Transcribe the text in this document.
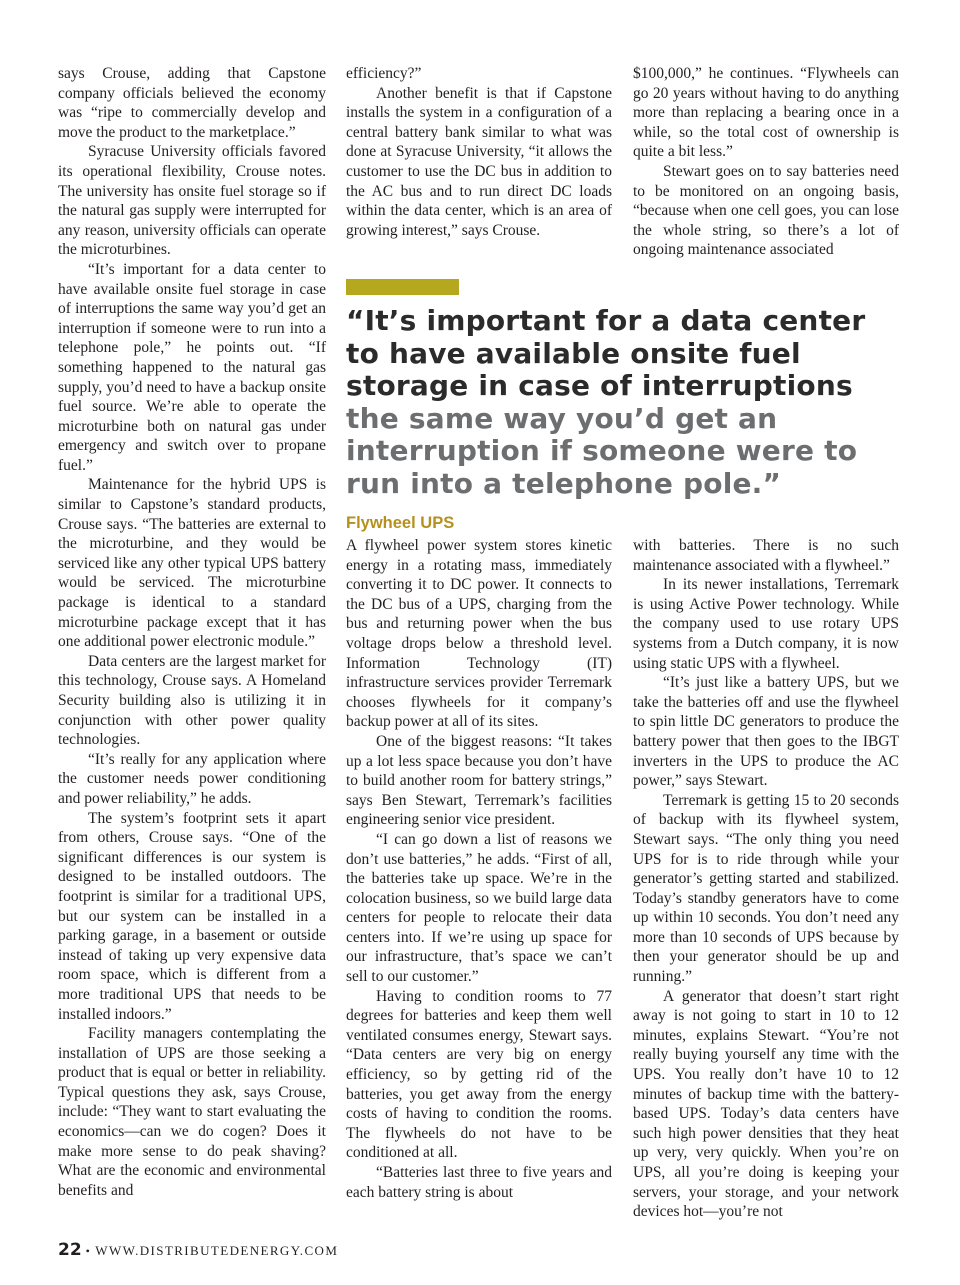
says Crouse, adding that Capstone company officials believed the economy was “ripe to commercially develop and move the product to the marketplace.”

Syracuse University officials favored its operational flexibility, Crouse notes. The university has onsite fuel storage so if the natural gas supply were interrupted for any reason, university officials can operate the microturbines.

“It’s important for a data center to have available onsite fuel storage in case of interruptions the same way you’d get an interruption if someone were to run into a telephone pole,” he points out. “If something happened to the natural gas supply, you’d need to have a backup onsite fuel source. We’re able to operate the microturbine both on natural gas under emergency and switch over to propane fuel.”

Maintenance for the hybrid UPS is similar to Capstone’s standard products, Crouse says. “The batteries are external to the microturbine, and they would be serviced like any other typical UPS battery would be serviced. The microturbine package is identical to a standard microturbine package except that it has one additional power electronic module.”

Data centers are the largest market for this technology, Crouse says. A Homeland Security building also is utilizing it in conjunction with other power quality technologies.

“It’s really for any application where the customer needs power conditioning and power reliability,” he adds.

The system’s footprint sets it apart from others, Crouse says. “One of the significant differences is our system is designed to be installed outdoors. The footprint is similar for a traditional UPS, but our system can be installed in a parking garage, in a basement or outside instead of taking up very expensive data room space, which is different from a more traditional UPS that needs to be installed indoors.”

Facility managers contemplating the installation of UPS are those seeking a product that is equal or better in reliability. Typical questions they ask, says Crouse, include: “They want to start evaluating the economics—can we do cogen? Does it make more sense to do peak shaving? What are the economic and environmental benefits and

efficiency?”

Another benefit is that if Capstone installs the system in a configuration of a central battery bank similar to what was done at Syracuse University, “it allows the customer to use the DC bus in addition to the AC bus and to run direct DC loads within the data center, which is an area of growing interest,” says Crouse.

$100,000,” he continues. “Flywheels can go 20 years without having to do anything more than replacing a bearing once in a while, so the total cost of ownership is quite a bit less.”

Stewart goes on to say batteries need to be monitored on an ongoing basis, “because when one cell goes, you can lose the whole string, so there’s a lot of ongoing maintenance associated

“It’s important for a data center to have available onsite fuel storage in case of interruptions the same way you’d get an interruption if someone were to run into a telephone pole.”
Flywheel UPS

A flywheel power system stores kinetic energy in a rotating mass, immediately converting it to DC power. It connects to the DC bus of a UPS, charging from the bus and returning power when the bus voltage drops below a threshold level. Information Technology (IT) infrastructure services provider Terremark chooses flywheels for it company’s backup power at all of its sites.

One of the biggest reasons: “It takes up a lot less space because you don’t have to build another room for battery strings,” says Ben Stewart, Terremark’s facilities engineering senior vice president.

“I can go down a list of reasons we don’t use batteries,” he adds. “First of all, the batteries take up space. We’re in the colocation business, so we build large data centers for people to relocate their data centers into. If we’re using up space for our infrastructure, that’s space we can’t sell to our customer.”

Having to condition rooms to 77 degrees for batteries and keep them well ventilated consumes energy, Stewart says. “Data centers are very big on energy efficiency, so by getting rid of the batteries, you get away from the energy costs of having to condition the rooms. The flywheels do not have to be conditioned at all.

“Batteries last three to five years and each battery string is about

with batteries. There is no such maintenance associated with a flywheel.”

In its newer installations, Terremark is using Active Power technology. While the company used to use rotary UPS systems from a Dutch company, it is now using static UPS with a flywheel.

“It’s just like a battery UPS, but we take the batteries off and use the flywheel to spin little DC generators to produce the battery power that then goes to the IBGT inverters in the UPS to produce the AC power,” says Stewart.

Terremark is getting 15 to 20 seconds of backup with its flywheel system, Stewart says. “The only thing you need UPS for is to ride through while your generator’s getting started and stabilized. Today’s standby generators have to come up within 10 seconds. You don’t need any more than 10 seconds of UPS because by then your generator should be up and running.”

A generator that doesn’t start right away is not going to start in 10 to 12 minutes, explains Stewart. “You’re not really buying yourself any time with the UPS. You really don’t have 10 to 12 minutes of backup time with the battery-based UPS. Today’s data centers have such high power densities that they heat up very, very quickly. When you’re on UPS, all you’re doing is keeping your servers, your storage, and your network devices hot—you’re not

22 • WWW.DISTRIBUTEDENERGY.COM
